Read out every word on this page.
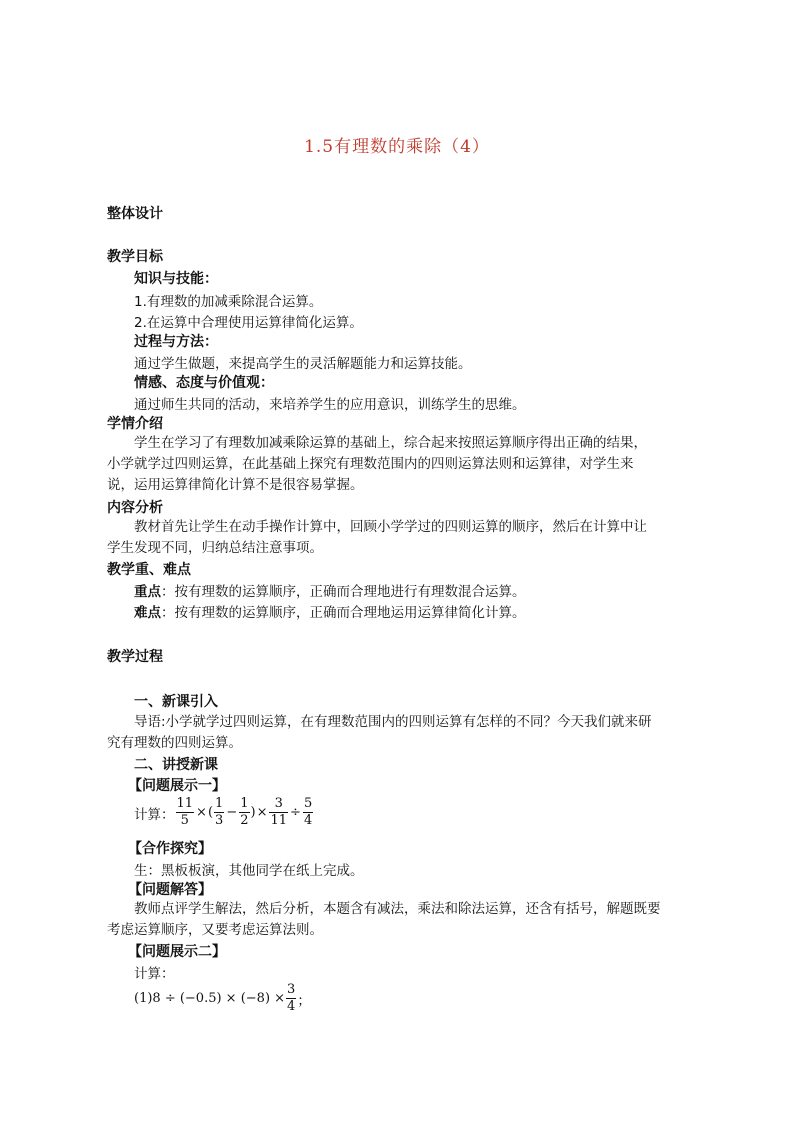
1.5有理数的乘除（4）
整体设计
教学目标
知识与技能：
1.有理数的加减乘除混合运算。
2.在运算中合理使用运算律简化运算。
过程与方法：
通过学生做题，来提高学生的灵活解题能力和运算技能。
情感、态度与价值观：
通过师生共同的活动，来培养学生的应用意识，训练学生的思维。
学情介绍
学生在学习了有理数加减乘除运算的基础上，综合起来按照运算顺序得出正确的结果，小学就学过四则运算，在此基础上探究有理数范围内的四则运算法则和运算律，对学生来说，运用运算律简化计算不是很容易掌握。
内容分析
教材首先让学生在动手操作计算中，回顾小学学过的四则运算的顺序，然后在计算中让学生发现不同，归纳总结注意事项。
教学重、难点
重点：按有理数的运算顺序，正确而合理地进行有理数混合运算。
难点：按有理数的运算顺序，正确而合理地运用运算律简化计算。
教学过程
一、新课引入
导语:小学就学过四则运算，在有理数范围内的四则运算有怎样的不同？今天我们就来研究有理数的四则运算。
二、讲授新课
【问题展示一】
计算： $\frac{11}{5}$ × ( $\frac{1}{3} - \frac{1}{2}$ ) × $\frac{3}{11} \div \frac{5}{4}$
【合作探究】
生：黑板板演，其他同学在纸上完成。
【问题解答】
教师点评学生解法，然后分析，本题含有减法，乘法和除法运算，还含有括号，解题既要考虑运算顺序，又要考虑运算法则。
【问题展示二】
计算：
$(1)8 \div (-0.5) \times (-8) \times \frac{3}{4}$ ；
